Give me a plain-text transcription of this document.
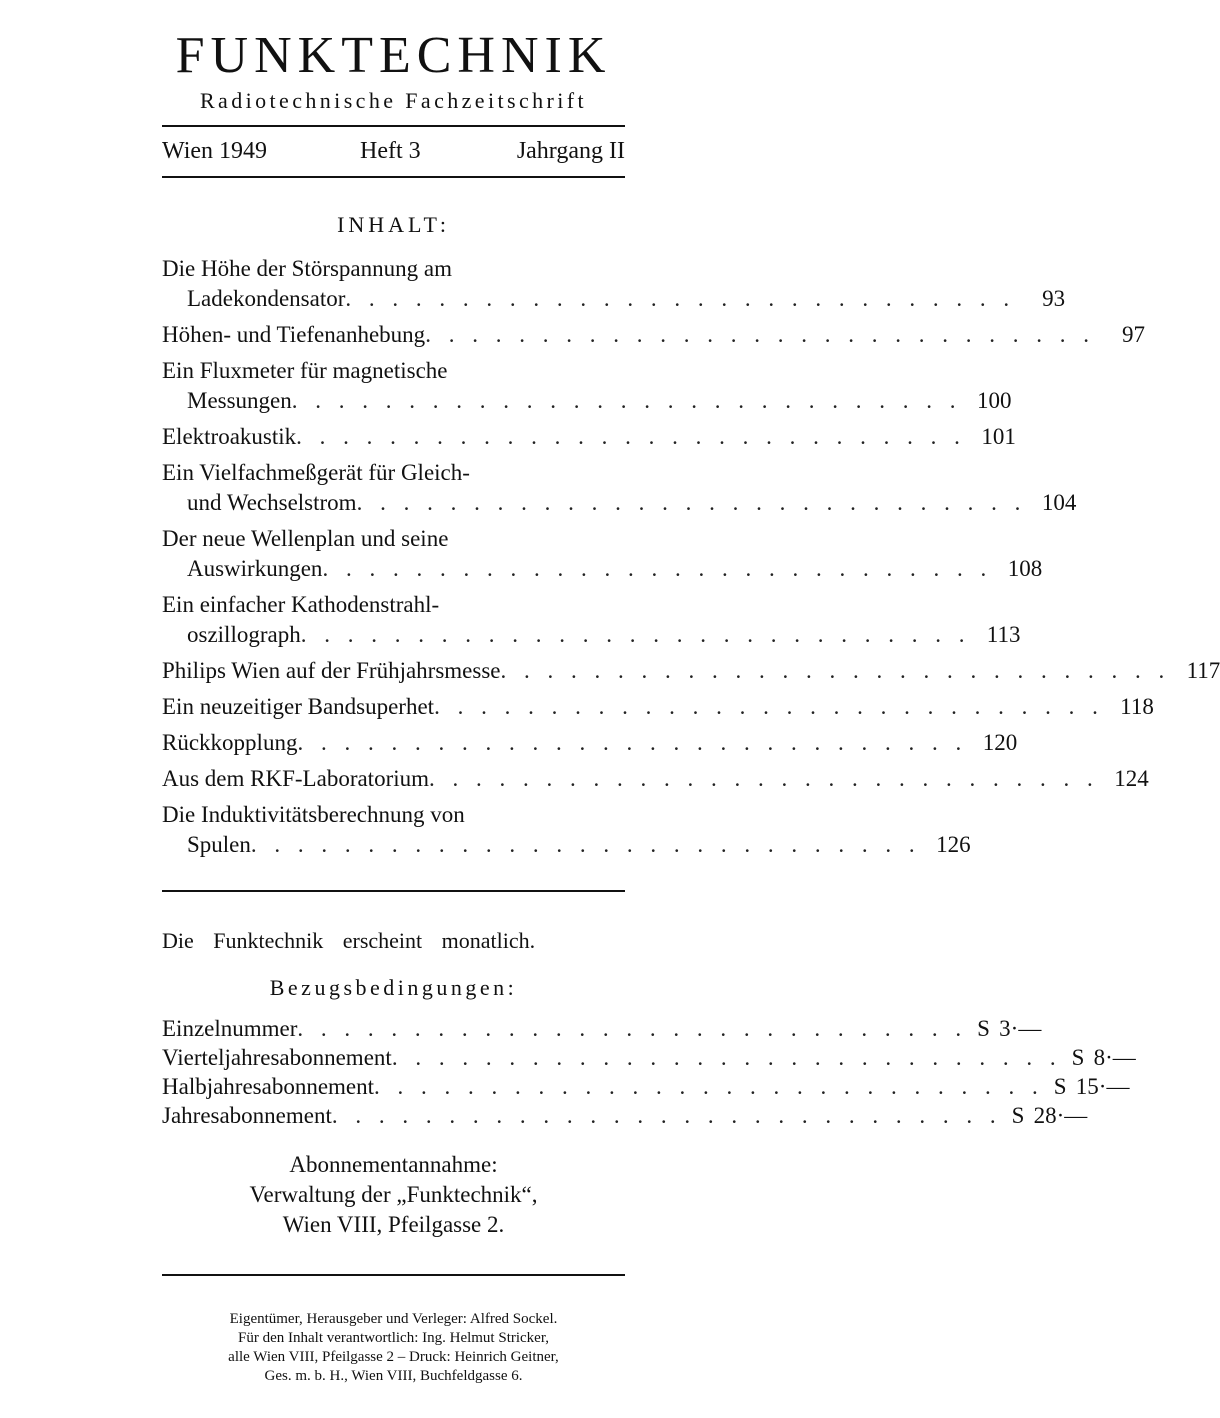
FUNKTECHNIK
Radiotechnische Fachzeitschrift
Wien 1949	Heft 3	Jahrgang II
INHALT:
Die Höhe der Störspannung am
Ladekondensator . . . . . . . . . . . . . . . . . . . . . . . . . . . . .	93
Höhen- und Tiefenanhebung . . . . . . . . . . . . . . . . . . . . . . . . . . . . .	97
Ein Fluxmeter für magnetische
Messungen . . . . . . . . . . . . . . . . . . . . . . . . . . . . . 100
Elektroakustik . . . . . . . . . . . . . . . . . . . . . . . . . . . . . 101
Ein Vielfachmeßgerät für Gleich-
und Wechselstrom . . . . . . . . . . . . . . . . . . . . . . . . . . . . . 104
Der neue Wellenplan und seine
Auswirkungen . . . . . . . . . . . . . . . . . . . . . . . . . . . . . 108
Ein einfacher Kathodenstrahl-
oszillograph . . . . . . . . . . . . . . . . . . . . . . . . . . . . . 113
Philips Wien auf der Frühjahrsmesse . . . . . . . . . . . . . . . . . . . . . . . . . . . . . 117
Ein neuzeitiger Bandsuperhet . . . . . . . . . . . . . . . . . . . . . . . . . . . . . 118
Rückkopplung . . . . . . . . . . . . . . . . . . . . . . . . . . . . . 120
Aus dem RKF-Laboratorium . . . . . . . . . . . . . . . . . . . . . . . . . . . . . 124
Die Induktivitätsberechnung von
Spulen . . . . . . . . . . . . . . . . . . . . . . . . . . . . . 126
Die Funktechnik erscheint monatlich.
Bezugsbedingungen:
Einzelnummer . . . . . . . . . . . . . . . . . . . . . . . . . . . . . S 3·—
Vierteljahresabonnement . . . . . . . . . . . . . . . . . . . . . . . . . . . . . S 8·—
Halbjahresabonnement . . . . . . . . . . . . . . . . . . . . . . . . . . . . . S 15·—
Jahresabonnement . . . . . . . . . . . . . . . . . . . . . . . . . . . . . S 28·—
Abonnementannahme:
Verwaltung der „Funktechnik“,
Wien VIII, Pfeilgasse 2.
Eigentümer, Herausgeber und Verleger: Alfred Sockel.
Für den Inhalt verantwortlich: Ing. Helmut Stricker,
alle Wien VIII, Pfeilgasse 2 – Druck: Heinrich Geitner,
Ges. m. b. H., Wien VIII, Buchfeldgasse 6.
